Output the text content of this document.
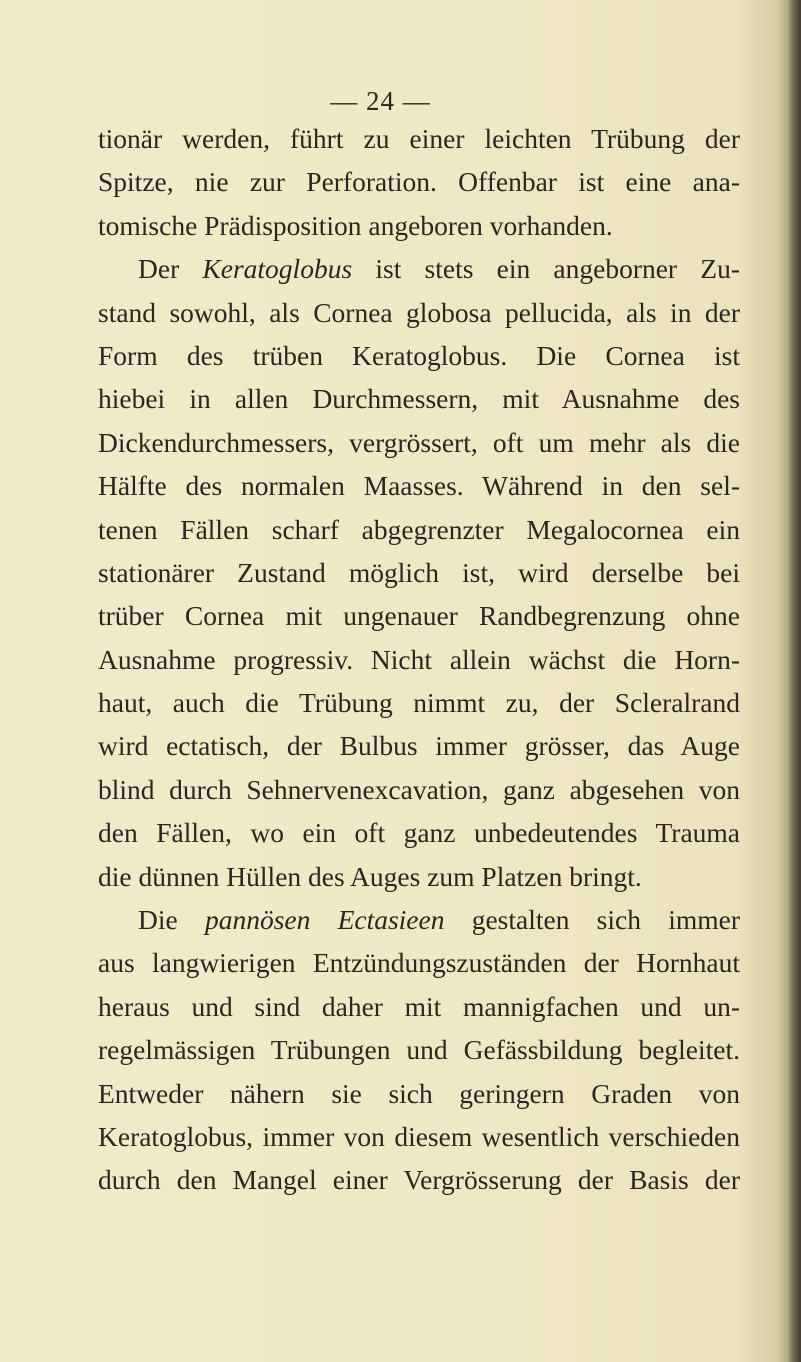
— 24 —
tionär werden, führt zu einer leichten Trübung der
Spitze, nie zur Perforation. Offenbar ist eine ana-
tomische Prädisposition angeboren vorhanden.
Der Keratoglobus ist stets ein angeborner Zu-
stand sowohl, als Cornea globosa pellucida, als in der
Form des trüben Keratoglobus. Die Cornea ist
hiebei in allen Durchmessern, mit Ausnahme des
Dickendurchmessers, vergrössert, oft um mehr als die
Hälfte des normalen Maasses. Während in den sel-
tenen Fällen scharf abgegrenzter Megalocornea ein
stationärer Zustand möglich ist, wird derselbe bei
trüber Cornea mit ungenauer Randbegrenzung ohne
Ausnahme progressiv. Nicht allein wächst die Horn-
haut, auch die Trübung nimmt zu, der Scleralrand
wird ectatisch, der Bulbus immer grösser, das Auge
blind durch Sehnervenexcavation, ganz abgesehen von
den Fällen, wo ein oft ganz unbedeutendes Trauma
die dünnen Hüllen des Auges zum Platzen bringt.
Die pannösen Ectasieen gestalten sich immer
aus langwierigen Entzündungszuständen der Hornhaut
heraus und sind daher mit mannigfachen und un-
regelmässigen Trübungen und Gefässbildung begleitet.
Entweder nähern sie sich geringern Graden von
Keratoglobus, immer von diesem wesentlich verschieden
durch den Mangel einer Vergrösserung der Basis der
